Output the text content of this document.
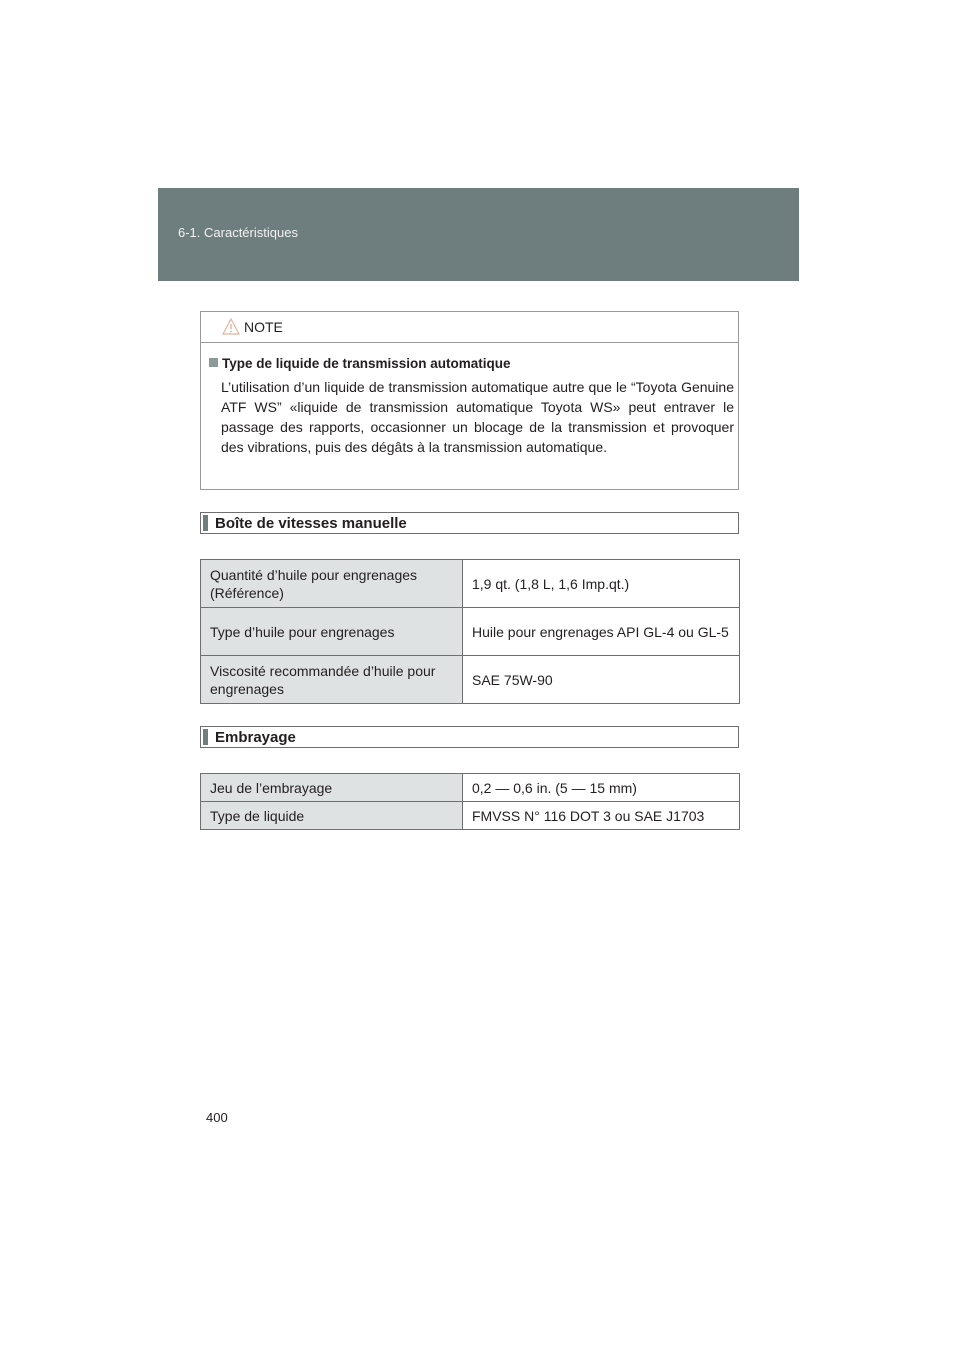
6-1. Caractéristiques
NOTE
Type de liquide de transmission automatique
L’utilisation d’un liquide de transmission automatique autre que le “Toyota Genuine ATF WS” «liquide de transmission automatique Toyota WS» peut entraver le passage des rapports, occasionner un blocage de la transmission et provoquer des vibrations, puis des dégâts à la transmission automatique.
Boîte de vitesses manuelle
Quantité d’huile pour engrenages (Référence)	1,9 qt. (1,8 L, 1,6 Imp.qt.)
Type d’huile pour engrenages	Huile pour engrenages API GL-4 ou GL-5
Viscosité recommandée d’huile pour engrenages	SAE 75W-90
Embrayage
Jeu de l’embrayage	0,2 — 0,6 in. (5 — 15 mm)
Type de liquide	FMVSS N° 116 DOT 3 ou SAE J1703
400
